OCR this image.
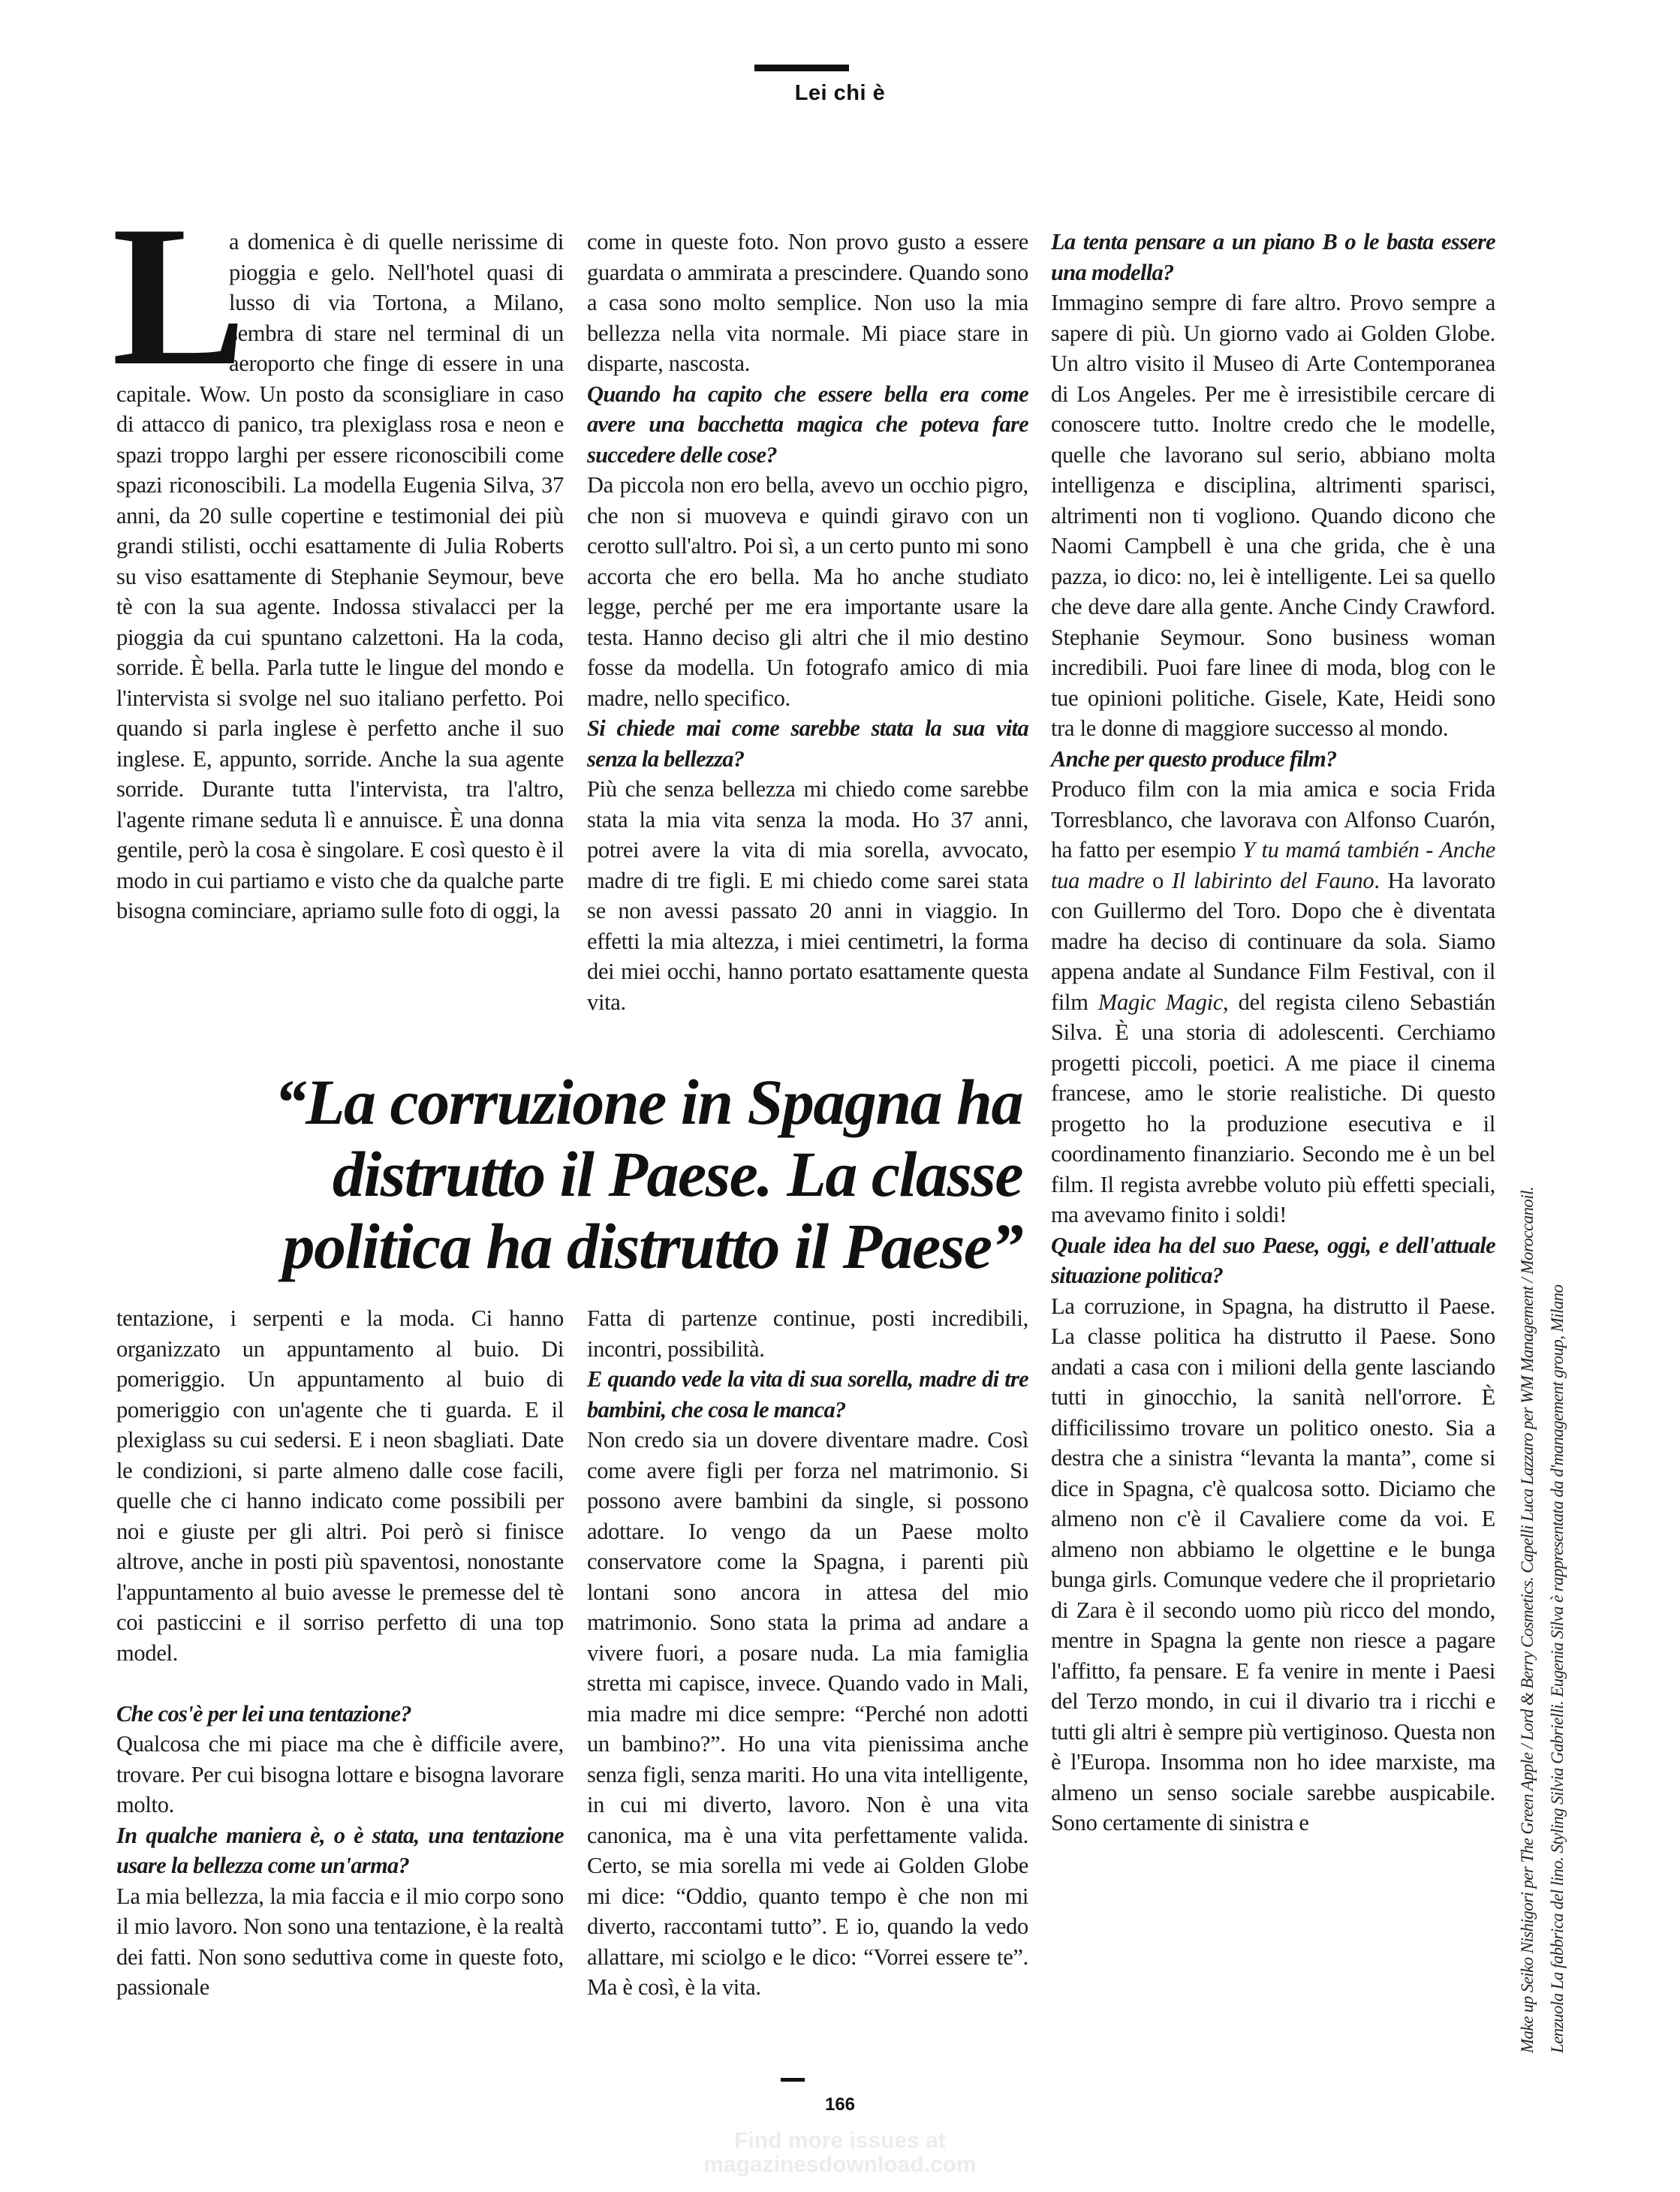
Lei chi è
L

a domenica è di quelle nerissime di pioggia e gelo. Nell'hotel quasi di lusso di via Tortona, a Milano, sembra di stare nel terminal di un aeroporto che finge di essere in una capitale. Wow. Un posto da sconsigliare in caso di attacco di panico, tra plexiglass rosa e neon e spazi troppo larghi per essere riconoscibili come spazi riconoscibili. La modella Eugenia Silva, 37 anni, da 20 sulle copertine e testimonial dei più grandi stilisti, occhi esattamente di Julia Roberts su viso esattamente di Stephanie Seymour, beve tè con la sua agente. Indossa stivalacci per la pioggia da cui spuntano calzettoni. Ha la coda, sorride. È bella. Parla tutte le lingue del mondo e l'intervista si svolge nel suo italiano perfetto. Poi quando si parla inglese è perfetto anche il suo inglese. E, appunto, sorride. Anche la sua agente sorride. Durante tutta l'intervista, tra l'altro, l'agente rimane seduta lì e annuisce. È una donna gentile, però la cosa è singolare. E così questo è il modo in cui partiamo e visto che da qualche parte bisogna cominciare, apriamo sulle foto di oggi, la

come in queste foto. Non provo gusto a essere guardata o ammirata a prescindere. Quando sono a casa sono molto semplice. Non uso la mia bellezza nella vita normale. Mi piace stare in disparte, nascosta.

Quando ha capito che essere bella era come avere una bacchetta magica che poteva fare succedere delle cose?

Da piccola non ero bella, avevo un occhio pigro, che non si muoveva e quindi giravo con un cerotto sull'altro. Poi sì, a un certo punto mi sono accorta che ero bella. Ma ho anche studiato legge, perché per me era importante usare la testa. Hanno deciso gli altri che il mio destino fosse da modella. Un fotografo amico di mia madre, nello specifico.

Si chiede mai come sarebbe stata la sua vita senza la bellezza?

Più che senza bellezza mi chiedo come sarebbe stata la mia vita senza la moda. Ho 37 anni, potrei avere la vita di mia sorella, avvocato, madre di tre figli. E mi chiedo come sarei stata se non avessi passato 20 anni in viaggio. In effetti la mia altezza, i miei centimetri, la forma dei miei occhi, hanno portato esattamente questa vita.

La tenta pensare a un piano B o le basta essere una modella?

Immagino sempre di fare altro. Provo sempre a sapere di più. Un giorno vado ai Golden Globe. Un altro visito il Museo di Arte Contemporanea di Los Angeles. Per me è irresistibile cercare di conoscere tutto. Inoltre credo che le modelle, quelle che lavorano sul serio, abbiano molta intelligenza e disciplina, altrimenti sparisci, altrimenti non ti vogliono. Quando dicono che Naomi Campbell è una che grida, che è una pazza, io dico: no, lei è intelligente. Lei sa quello che deve dare alla gente. Anche Cindy Crawford. Stephanie Seymour. Sono business woman incredibili. Puoi fare linee di moda, blog con le tue opinioni politiche. Gisele, Kate, Heidi sono tra le donne di maggiore successo al mondo.

Anche per questo produce film?

Produco film con la mia amica e socia Frida Torresblanco, che lavorava con Alfonso Cuarón, ha fatto per esempio Y tu mamá también - Anche tua madre o Il labirinto del Fauno. Ha lavorato con Guillermo del Toro. Dopo che è diventata madre ha deciso di continuare da sola. Siamo appena andate al Sundance Film Festival, con il film Magic Magic, del regista cileno Sebastián Silva. È una storia di adolescenti. Cerchiamo progetti piccoli, poetici. A me piace il cinema francese, amo le storie realistiche. Di questo progetto ho la produzione esecutiva e il coordinamento finanziario. Secondo me è un bel film. Il regista avrebbe voluto più effetti speciali, ma avevamo finito i soldi!

Quale idea ha del suo Paese, oggi, e dell'attuale situazione politica?

La corruzione, in Spagna, ha distrutto il Paese. La classe politica ha distrutto il Paese. Sono andati a casa con i milioni della gente lasciando tutti in ginocchio, la sanità nell'orrore. È difficilissimo trovare un politico onesto. Sia a destra che a sinistra “levanta la manta”, come si dice in Spagna, c'è qualcosa sotto. Diciamo che almeno non c'è il Cavaliere come da voi. E almeno non abbiamo le olgettine e le bunga bunga girls. Comunque vedere che il proprietario di Zara è il secondo uomo più ricco del mondo, mentre in Spagna la gente non riesce a pagare l'affitto, fa pensare. E fa venire in mente i Paesi del Terzo mondo, in cui il divario tra i ricchi e tutti gli altri è sempre più vertiginoso. Questa non è l'Europa. Insomma non ho idee marxiste, ma almeno un senso sociale sarebbe auspicabile. Sono certamente di sinistra e

“La corruzione in Spagna ha
distrutto il Paese. La classe
politica ha distrutto il Paese”

tentazione, i serpenti e la moda. Ci hanno organizzato un appuntamento al buio. Di pomeriggio. Un appuntamento al buio di pomeriggio con un'agente che ti guarda. E il plexiglass su cui sedersi. E i neon sbagliati. Date le condizioni, si parte almeno dalle cose facili, quelle che ci hanno indicato come possibili per noi e giuste per gli altri. Poi però si finisce altrove, anche in posti più spaventosi, nonostante l'appuntamento al buio avesse le premesse del tè coi pasticcini e il sorriso perfetto di una top model.

Che cos'è per lei una tentazione?

Qualcosa che mi piace ma che è difficile avere, trovare. Per cui bisogna lottare e bisogna lavorare molto.

In qualche maniera è, o è stata, una tentazione usare la bellezza come un'arma?

La mia bellezza, la mia faccia e il mio corpo sono il mio lavoro. Non sono una tentazione, è la realtà dei fatti. Non sono seduttiva come in queste foto, passionale

Fatta di partenze continue, posti incredibili, incontri, possibilità.

E quando vede la vita di sua sorella, madre di tre bambini, che cosa le manca?

Non credo sia un dovere diventare madre. Così come avere figli per forza nel matrimonio. Si possono avere bambini da single, si possono adottare. Io vengo da un Paese molto conservatore come la Spagna, i parenti più lontani sono ancora in attesa del mio matrimonio. Sono stata la prima ad andare a vivere fuori, a posare nuda. La mia famiglia stretta mi capisce, invece. Quando vado in Mali, mia madre mi dice sempre: “Perché non adotti un bambino?”. Ho una vita pienissima anche senza figli, senza mariti. Ho una vita intelligente, in cui mi diverto, lavoro. Non è una vita canonica, ma è una vita perfettamente valida. Certo, se mia sorella mi vede ai Golden Globe mi dice: “Oddio, quanto tempo è che non mi diverto, raccontami tutto”. E io, quando la vedo allattare, mi sciolgo e le dico: “Vorrei essere te”. Ma è così, è la vita.	Make up Seiko Nishigori per The Green Apple / Lord & Berry Cosmetics. Capelli Luca Lazzaro per WM Management / Moroccanoil. Lenzuola La fabbrica del lino. Styling Silvia Gabrielli. Eugenia Silva è rappresentata da d'management group, Milano
166
Find more issues at
magazinesdownload.com
